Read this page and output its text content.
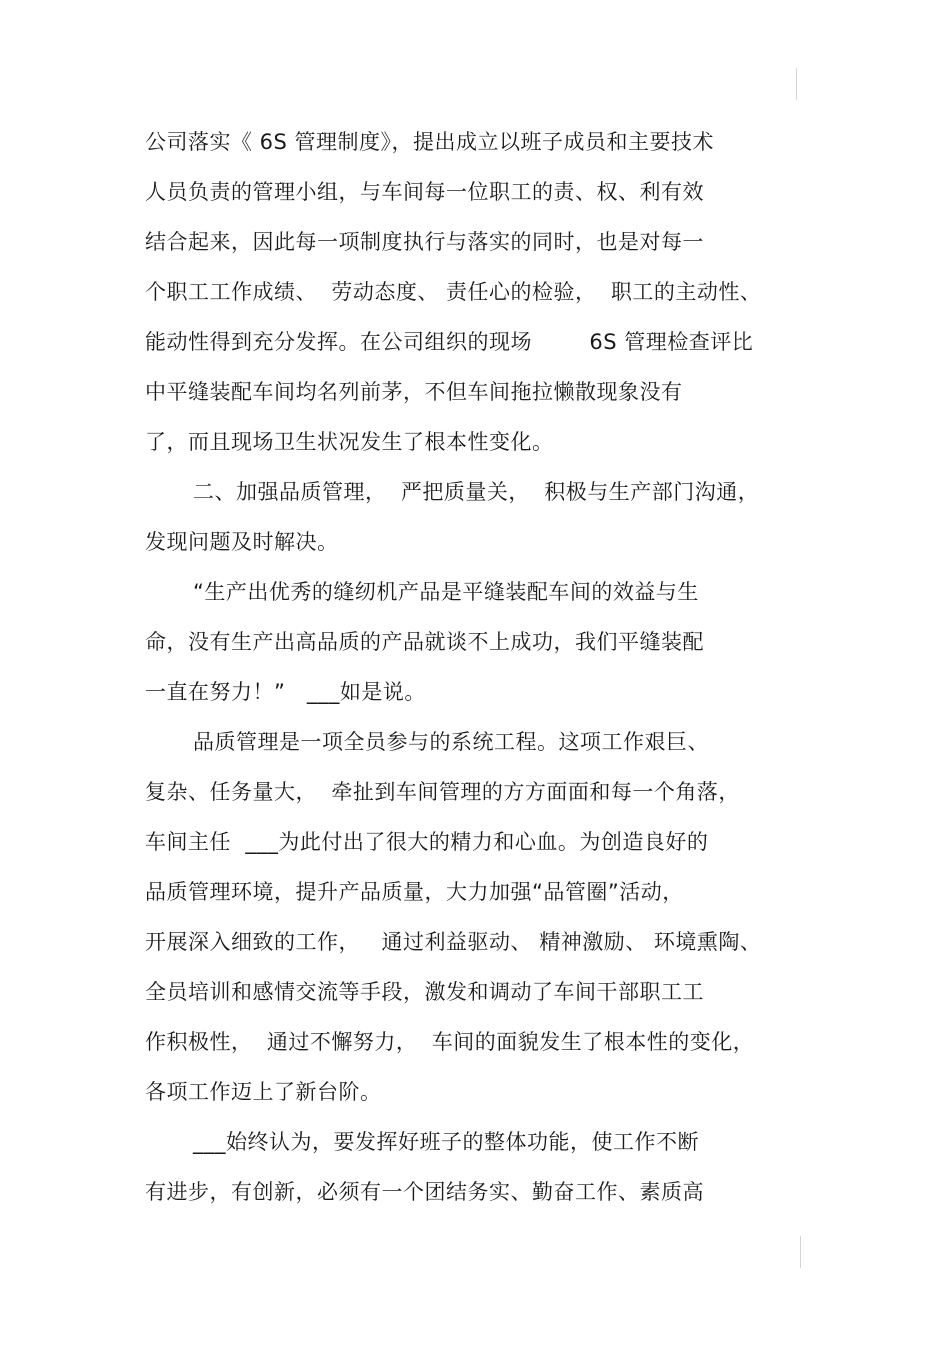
公司落实《 6S 管理制度》，提出成立以班子成员和主要技术
人员负责的管理小组，与车间每一位职工的责、权、利有效
结合起来，因此每一项制度执行与落实的同时，也是对每一
个职工工作成绩、  劳动态度、 责任心的检验，  职工的主动性、
能动性得到充分发挥。在公司组织的现场        6S 管理检查评比
中平缝装配车间均名列前茅，不但车间拖拉懒散现象没有
了，而且现场卫生状况发生了根本性变化。
二、加强品质管理，  严把质量关，  积极与生产部门沟通，
发现问题及时解决。
“生产出优秀的缝纫机产品是平缝装配车间的效益与生
命，没有生产出高品质的产品就谈不上成功，我们平缝装配
一直在努力！”   ___如是说。
品质管理是一项全员参与的系统工程。这项工作艰巨、
复杂、任务量大，  牵扯到车间管理的方方面面和每一个角落，
车间主任  ___为此付出了很大的精力和心血。为创造良好的
品质管理环境，提升产品质量，大力加强“品管圈”活动，
开展深入细致的工作，   通过利益驱动、 精神激励、 环境熏陶、
全员培训和感情交流等手段，激发和调动了车间干部职工工
作积极性，  通过不懈努力，  车间的面貌发生了根本性的变化，
各项工作迈上了新台阶。
___始终认为，要发挥好班子的整体功能，使工作不断
有进步，有创新，必须有一个团结务实、勤奋工作、素质高
